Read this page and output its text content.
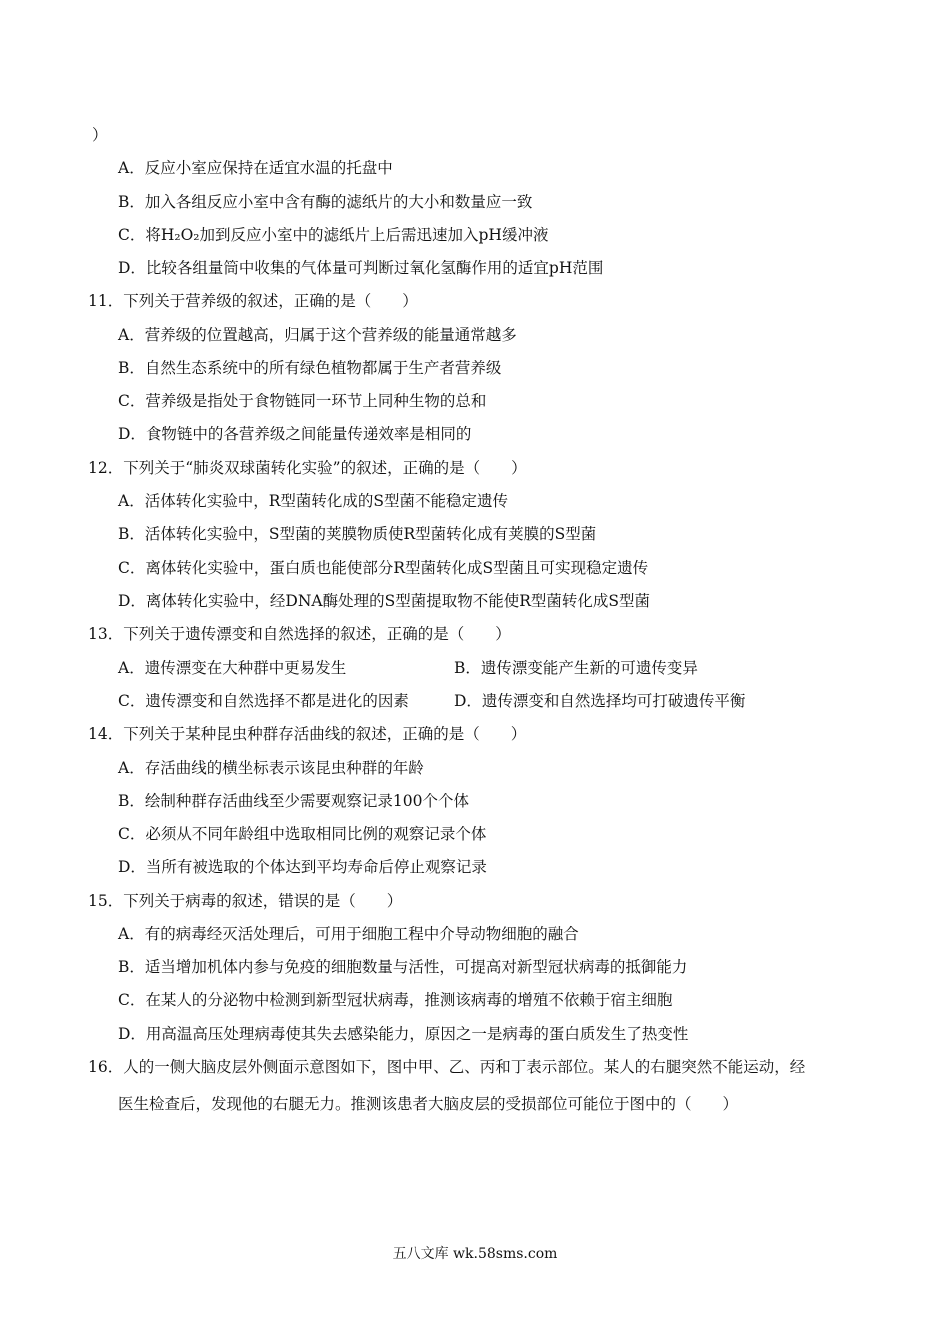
）
A．反应小室应保持在适宜水温的托盘中
B．加入各组反应小室中含有酶的滤纸片的大小和数量应一致
C．将H₂O₂加到反应小室中的滤纸片上后需迅速加入pH缓冲液
D．比较各组量筒中收集的气体量可判断过氧化氢酶作用的适宜pH范围
11．下列关于营养级的叙述，正确的是（　　）
A．营养级的位置越高，归属于这个营养级的能量通常越多
B．自然生态系统中的所有绿色植物都属于生产者营养级
C．营养级是指处于食物链同一环节上同种生物的总和
D．食物链中的各营养级之间能量传递效率是相同的
12．下列关于“肺炎双球菌转化实验”的叙述，正确的是（　　）
A．活体转化实验中，R型菌转化成的S型菌不能稳定遗传
B．活体转化实验中，S型菌的荚膜物质使R型菌转化成有荚膜的S型菌
C．离体转化实验中，蛋白质也能使部分R型菌转化成S型菌且可实现稳定遗传
D．离体转化实验中，经DNA酶处理的S型菌提取物不能使R型菌转化成S型菌
13．下列关于遗传漂变和自然选择的叙述，正确的是（　　）
A．遗传漂变在大种群中更易发生	B．遗传漂变能产生新的可遗传变异
C．遗传漂变和自然选择不都是进化的因素	D．遗传漂变和自然选择均可打破遗传平衡
14．下列关于某种昆虫种群存活曲线的叙述，正确的是（　　）
A．存活曲线的横坐标表示该昆虫种群的年龄
B．绘制种群存活曲线至少需要观察记录100个个体
C．必须从不同年龄组中选取相同比例的观察记录个体
D．当所有被选取的个体达到平均寿命后停止观察记录
15．下列关于病毒的叙述，错误的是（　　）
A．有的病毒经灭活处理后，可用于细胞工程中介导动物细胞的融合
B．适当增加机体内参与免疫的细胞数量与活性，可提高对新型冠状病毒的抵御能力
C．在某人的分泌物中检测到新型冠状病毒，推测该病毒的增殖不依赖于宿主细胞
D．用高温高压处理病毒使其失去感染能力，原因之一是病毒的蛋白质发生了热变性
16．人的一侧大脑皮层外侧面示意图如下，图中甲、乙、丙和丁表示部位。某人的右腿突然不能运动，经
医生检查后，发现他的右腿无力。推测该患者大脑皮层的受损部位可能位于图中的（　　）
五八文库 wk.58sms.com
